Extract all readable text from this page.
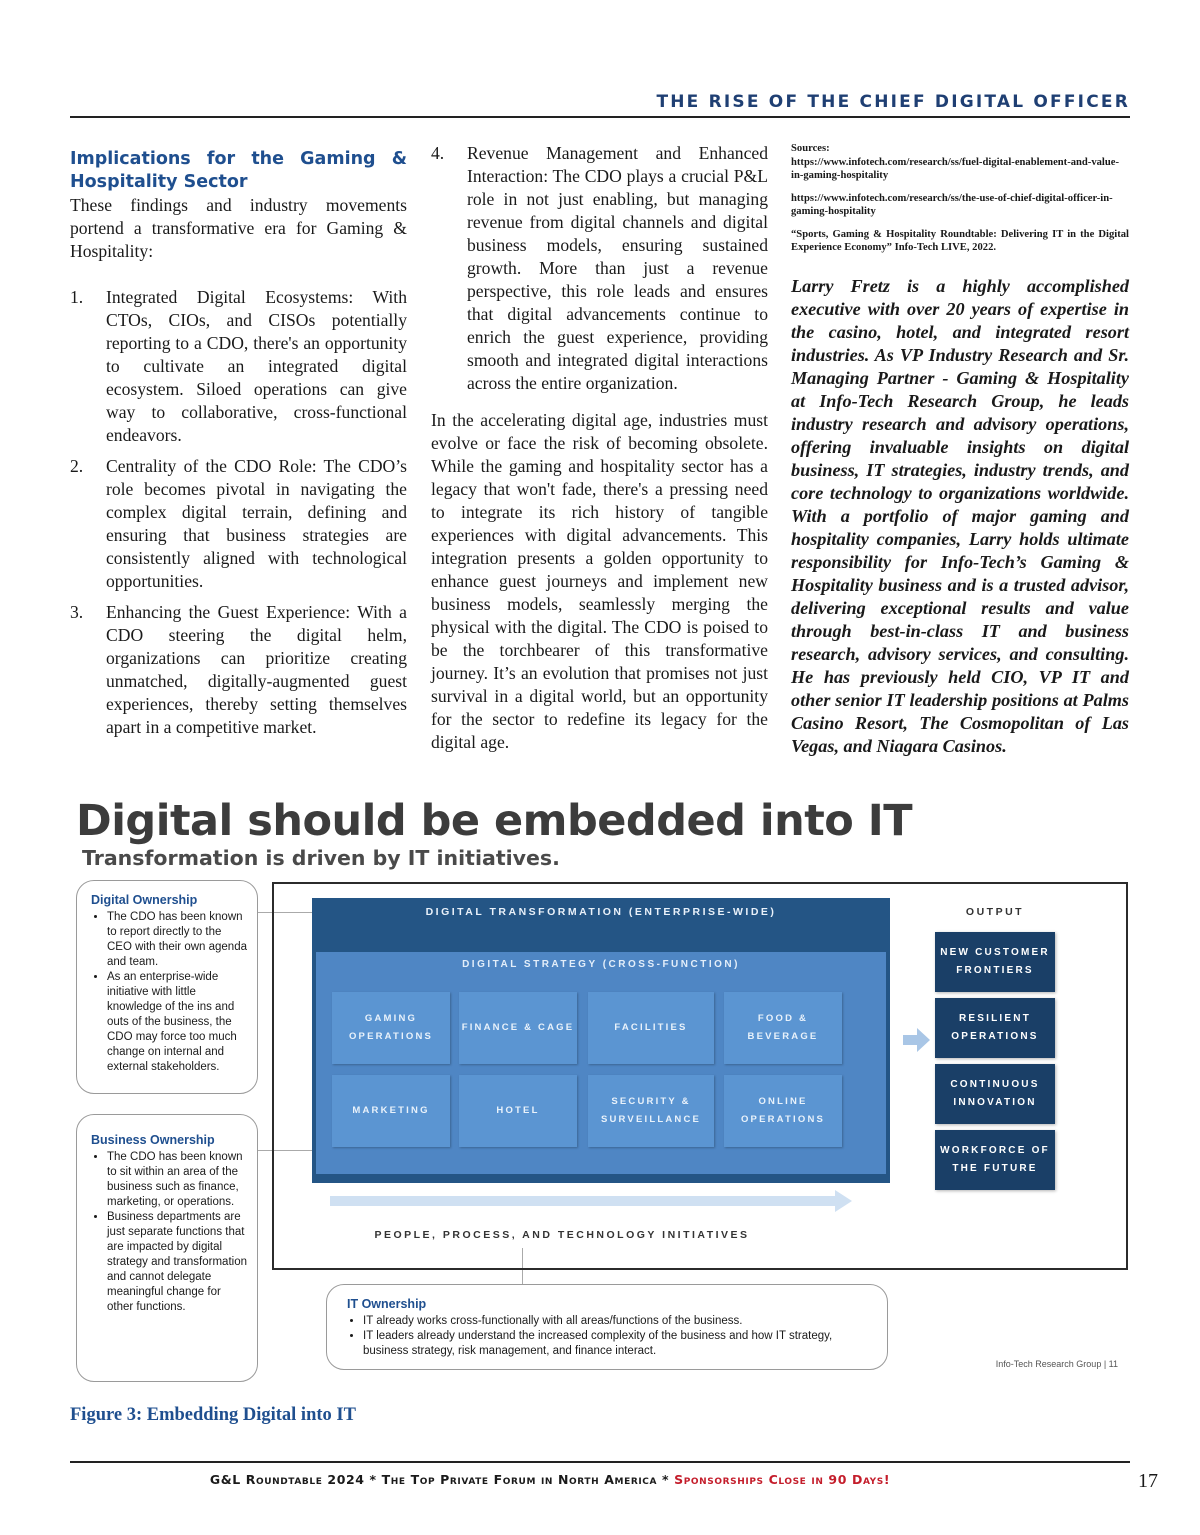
THE RISE OF THE CHIEF DIGITAL OFFICER
Implications for the Gaming & Hospitality Sector
These findings and industry movements portend a transformative era for Gaming & Hospitality:
1. Integrated Digital Ecosystems: With CTOs, CIOs, and CISOs potentially reporting to a CDO, there's an opportunity to cultivate an integrated digital ecosystem. Siloed operations can give way to collaborative, cross-functional endeavors.
2. Centrality of the CDO Role: The CDO’s role becomes pivotal in navigating the complex digital terrain, defining and ensuring that business strategies are consistently aligned with technological opportunities.
3. Enhancing the Guest Experience: With a CDO steering the digital helm, organizations can prioritize creating unmatched, digitally-augmented guest experiences, thereby setting themselves apart in a competitive market.
4. Revenue Management and Enhanced Interaction: The CDO plays a crucial P&L role in not just enabling, but managing revenue from digital channels and digital business models, ensuring sustained growth. More than just a revenue perspective, this role leads and ensures that digital advancements continue to enrich the guest experience, providing smooth and integrated digital interactions across the entire organization.
In the accelerating digital age, industries must evolve or face the risk of becoming obsolete. While the gaming and hospitality sector has a legacy that won't fade, there's a pressing need to integrate its rich history of tangible experiences with digital advancements. This integration presents a golden opportunity to enhance guest journeys and implement new business models, seamlessly merging the physical with the digital. The CDO is poised to be the torchbearer of this transformative journey. It’s an evolution that promises not just survival in a digital world, but an opportunity for the sector to redefine its legacy for the digital age.
Sources:
https://www.infotech.com/research/ss/fuel-digital-enablement-and-value-in-gaming-hospitality
https://www.infotech.com/research/ss/the-use-of-chief-digital-officer-in-gaming-hospitality
“Sports, Gaming & Hospitality Roundtable: Delivering IT in the Digital Experience Economy” Info-Tech LIVE, 2022.
Larry Fretz is a highly accomplished executive with over 20 years of expertise in the casino, hotel, and integrated resort industries. As VP Industry Research and Sr. Managing Partner - Gaming & Hospitality at Info-Tech Research Group, he leads industry research and advisory operations, offering invaluable insights on digital business, IT strategies, industry trends, and core technology to organizations worldwide. With a portfolio of major gaming and hospitality companies, Larry holds ultimate responsibility for Info-Tech’s Gaming & Hospitality business and is a trusted advisor, delivering exceptional results and value through best-in-class IT and business research, advisory services, and consulting. He has previously held CIO, VP IT and other senior IT leadership positions at Palms Casino Resort, The Cosmopolitan of Las Vegas, and Niagara Casinos.
Digital should be embedded into IT
Transformation is driven by IT initiatives.
DIGITAL TRANSFORMATION (ENTERPRISE-WIDE)
DIGITAL STRATEGY (CROSS-FUNCTION)
GAMING OPERATIONS
FINANCE & CAGE	FACILITIES
FOOD & BEVERAGE
MARKETING	HOTEL
SECURITY & SURVEILLANCE
ONLINE OPERATIONS
PEOPLE, PROCESS, AND TECHNOLOGY INITIATIVES
OUTPUT
NEW CUSTOMER FRONTIERS
RESILIENT OPERATIONS
CONTINUOUS INNOVATION
WORKFORCE OF THE FUTURE
Digital Ownership
• The CDO has been known to report directly to the CEO with their own agenda and team.
• As an enterprise-wide initiative with little knowledge of the ins and outs of the business, the CDO may force too much change on internal and external stakeholders.
Business Ownership
• The CDO has been known to sit within an area of the business such as finance, marketing, or operations.
• Business departments are just separate functions that are impacted by digital strategy and transformation and cannot delegate meaningful change for other functions.	IT Ownership
• IT already works cross-functionally with all areas/functions of the business.
• IT leaders already understand the increased complexity of the business and how IT strategy, business strategy, risk management, and finance interact.
Info-Tech Research Group | 11
Figure 3: Embedding Digital into IT
G&L Roundtable 2024 * The Top Private Forum in North America * Sponsorships Close in 90 Days!	17
